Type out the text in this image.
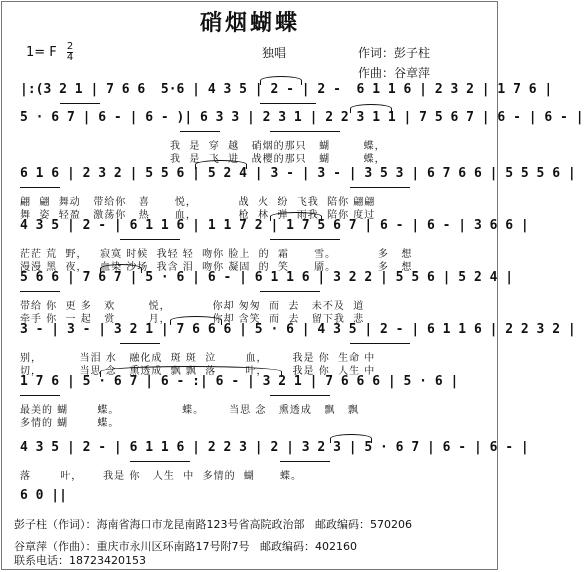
硝烟蝴蝶
1= F $\frac{2}{4}$	独唱	作词：彭子柱
作曲：谷章萍
|:(3 2 1 | 7 6 6  5·6 | 4 3 5 | 2 - | 2 -  6 1 1 6 | 2 3 2 | 1 7 6 |
5 · 6 7 | 6 - | 6 - )| 6 3 3 | 2 3 1 | 2 2 3 1 1 | 7 5 6 7 | 6 - | 6 - |
我  是  穿  越   硝烟的那只   蝴        蝶，
我  是  飞  进   战樱的那只   蝴        蝶，
6 1 6 | 2 3 2 | 5 5 6 | 5 2 4 | 3 - | 3 - | 3 5 3 | 6 7 6 6 | 5 5 5 6 |
翩  翩  舞动   带给你   喜      悦，          战  火  纷  飞我  陪你 翩翩
舞  姿  轻盈   激荡你   热      血，          枪  林  弹  雨我  陪你 度过
4 3 5 | 2 - | 6 1 1 6 | 1 1 7 2 | 1 7 5 6 7 | 6 - | 6 - | 3 6 6 |
茫茫 荒  野，   寂寞 时候  我轻 轻  吻你 脸上  的  霜      雪。          多   想
漫漫 黑  夜，   血染 沙场  我含 泪  吻你 凝固  的  笑      靥。          多   想
5 6 6 | 7 6 7 | 5 · 6 | 6 - | 6 1 1 6 | 3 2 2 | 5 5 6 | 5 2 4 |
带给 你  更 多   欢        悦，          你却 匆匆  而  去   未不及  道
牵手 你  一 起   赏        月，          你却 含笑  而  去   留下我  悲
3 - | 3 - | 3 2 1 | 7 6 6 6 | 5 · 6 | 4 3 5 | 2 - | 6 1 1 6 | 2 2 3 2 |
别，         当泪 水   融化成  斑 斑  泣       血，      我是 你  生命 中
切，         当思 念   熏透成  飘 飘  落       叶，      我是 你  人生 中
1 7 6 | 5 · 6 7 | 6 - :| 6 - | 3 2 1 | 7 6 6 6 | 5 · 6 |
最美的 蝴       蝶。               蝶。      当思 念   熏透成   飘   飘
多情的 蝴       蝶。
4 3 5 | 2 - | 6 1 1 6 | 2 2 3 | 2 | 3 2 3 | 5 · 6 7 | 6 - | 6 - |
落       叶，     我是 你   人生  中  多情的  蝴      蝶。
6 0 ||
彭子柱（作词）：海南省海口市龙昆南路123号省高院政治部   邮政编码：570206
谷章萍（作曲）：重庆市永川区环南路17号附7号   邮政编码：402160
联系电话：18723420153
